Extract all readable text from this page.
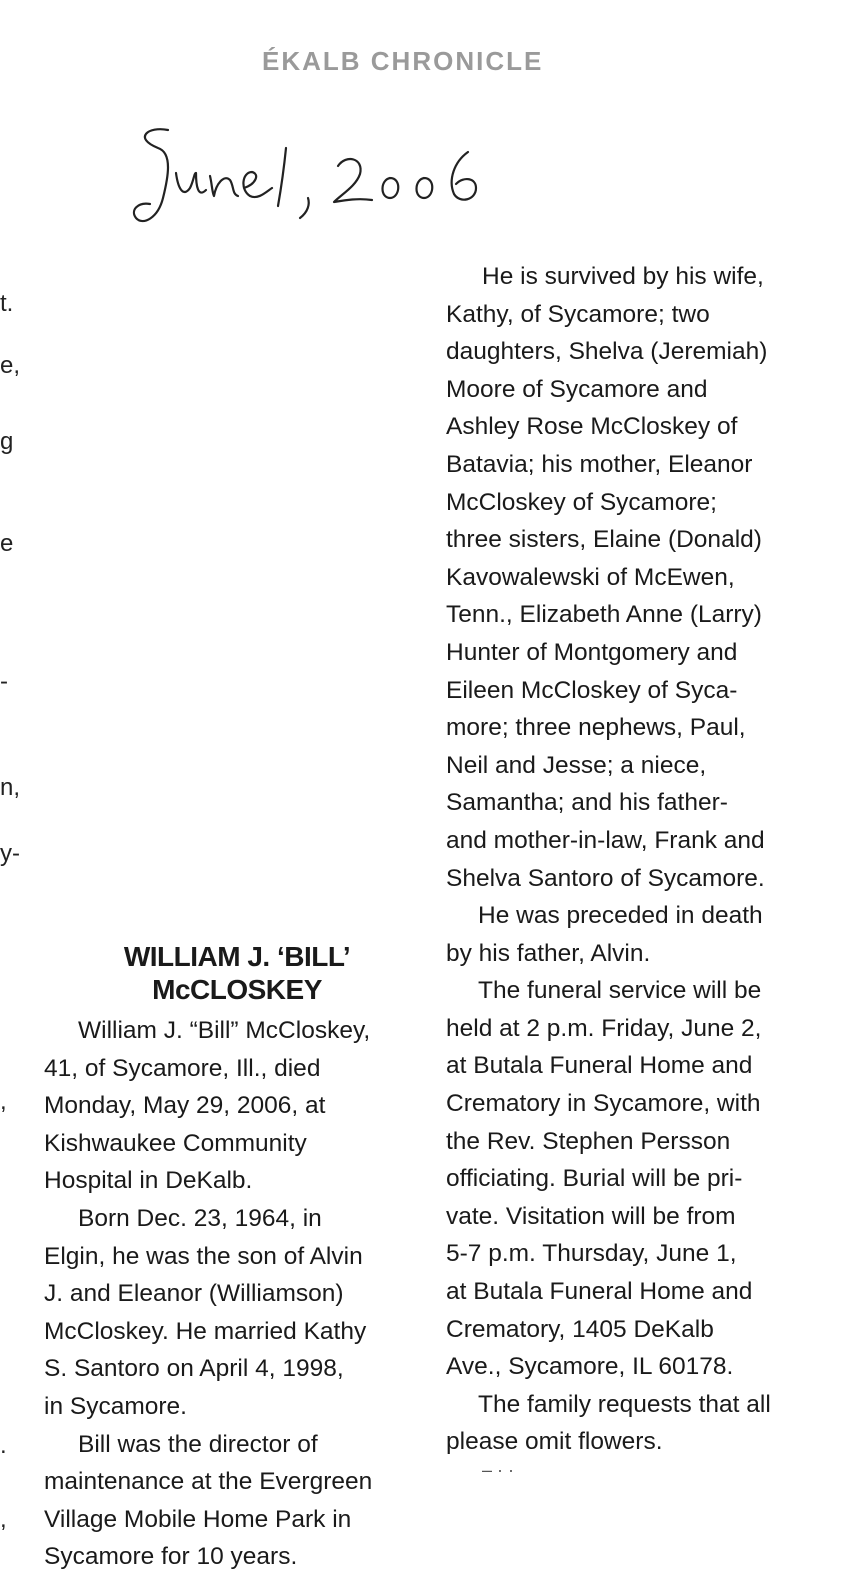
ÉKALB CHRONICLE
June 1, 2006
t.
e,
g
e
-
n,
y-
,
.
,
He is survived by his wife,
Kathy, of Sycamore; two
daughters, Shelva (Jeremiah)
Moore of Sycamore and
Ashley Rose McCloskey of
Batavia; his mother, Eleanor
McCloskey of Sycamore;
three sisters, Elaine (Donald)
Kavowalewski of McEwen,
Tenn., Elizabeth Anne (Larry)
Hunter of Montgomery and
Eileen McCloskey of Syca-
more; three nephews, Paul,
Neil and Jesse; a niece,
Samantha; and his father-
and mother-in-law, Frank and
Shelva Santoro of Sycamore.
He was preceded in death
by his father, Alvin.
The funeral service will be
held at 2 p.m. Friday, June 2,
at Butala Funeral Home and
Crematory in Sycamore, with
the Rev. Stephen Persson
officiating. Burial will be pri-
vate. Visitation will be from
5-7 p.m. Thursday, June 1,
at Butala Funeral Home and
Crematory, 1405 DeKalb
Ave., Sycamore, IL 60178.
The family requests that all
please omit flowers.
– · ·
WILLIAM J. ‘BILL’
McCLOSKEY
William J. “Bill” McCloskey,
41, of Sycamore, Ill., died
Monday, May 29, 2006, at
Kishwaukee Community
Hospital in DeKalb.
Born Dec. 23, 1964, in
Elgin, he was the son of Alvin
J. and Eleanor (Williamson)
McCloskey. He married Kathy
S. Santoro on April 4, 1998,
in Sycamore.
Bill was the director of
maintenance at the Evergreen
Village Mobile Home Park in
Sycamore for 10 years.
